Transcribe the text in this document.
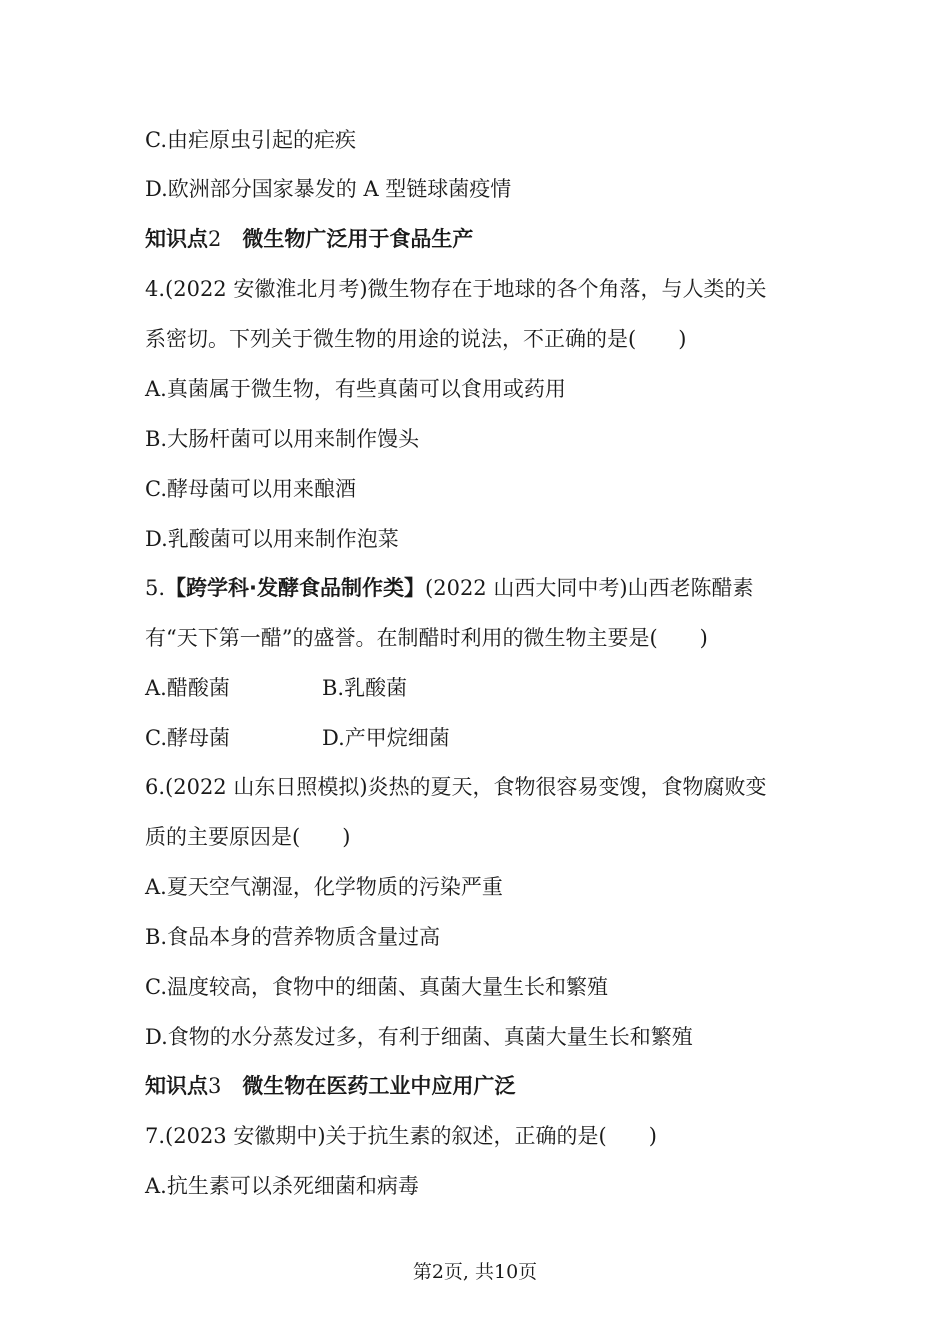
C.由疟原虫引起的疟疾
D.欧洲部分国家暴发的 A 型链球菌疫情
知识点2　 微生物广泛用于食品生产
4.(2022 安徽淮北月考)微生物存在于地球的各个角落，与人类的关
系密切。下列关于微生物的用途的说法，不正确的是(　　)
A.真菌属于微生物，有些真菌可以食用或药用
B.大肠杆菌可以用来制作馒头
C.酵母菌可以用来酿酒
D.乳酸菌可以用来制作泡菜
5.【跨学科·发酵食品制作类】(2022 山西大同中考)山西老陈醋素
有“天下第一醋”的盛誉。在制醋时利用的微生物主要是(　　)
A.醋酸菌	B.乳酸菌
C.酵母菌	D.产甲烷细菌
6.(2022 山东日照模拟)炎热的夏天，食物很容易变馊，食物腐败变
质的主要原因是(　　)
A.夏天空气潮湿，化学物质的污染严重
B.食品本身的营养物质含量过高
C.温度较高，食物中的细菌、真菌大量生长和繁殖
D.食物的水分蒸发过多，有利于细菌、真菌大量生长和繁殖
知识点3　 微生物在医药工业中应用广泛
7.(2023 安徽期中)关于抗生素的叙述，正确的是(　　)
A.抗生素可以杀死细菌和病毒
第2页, 共10页
